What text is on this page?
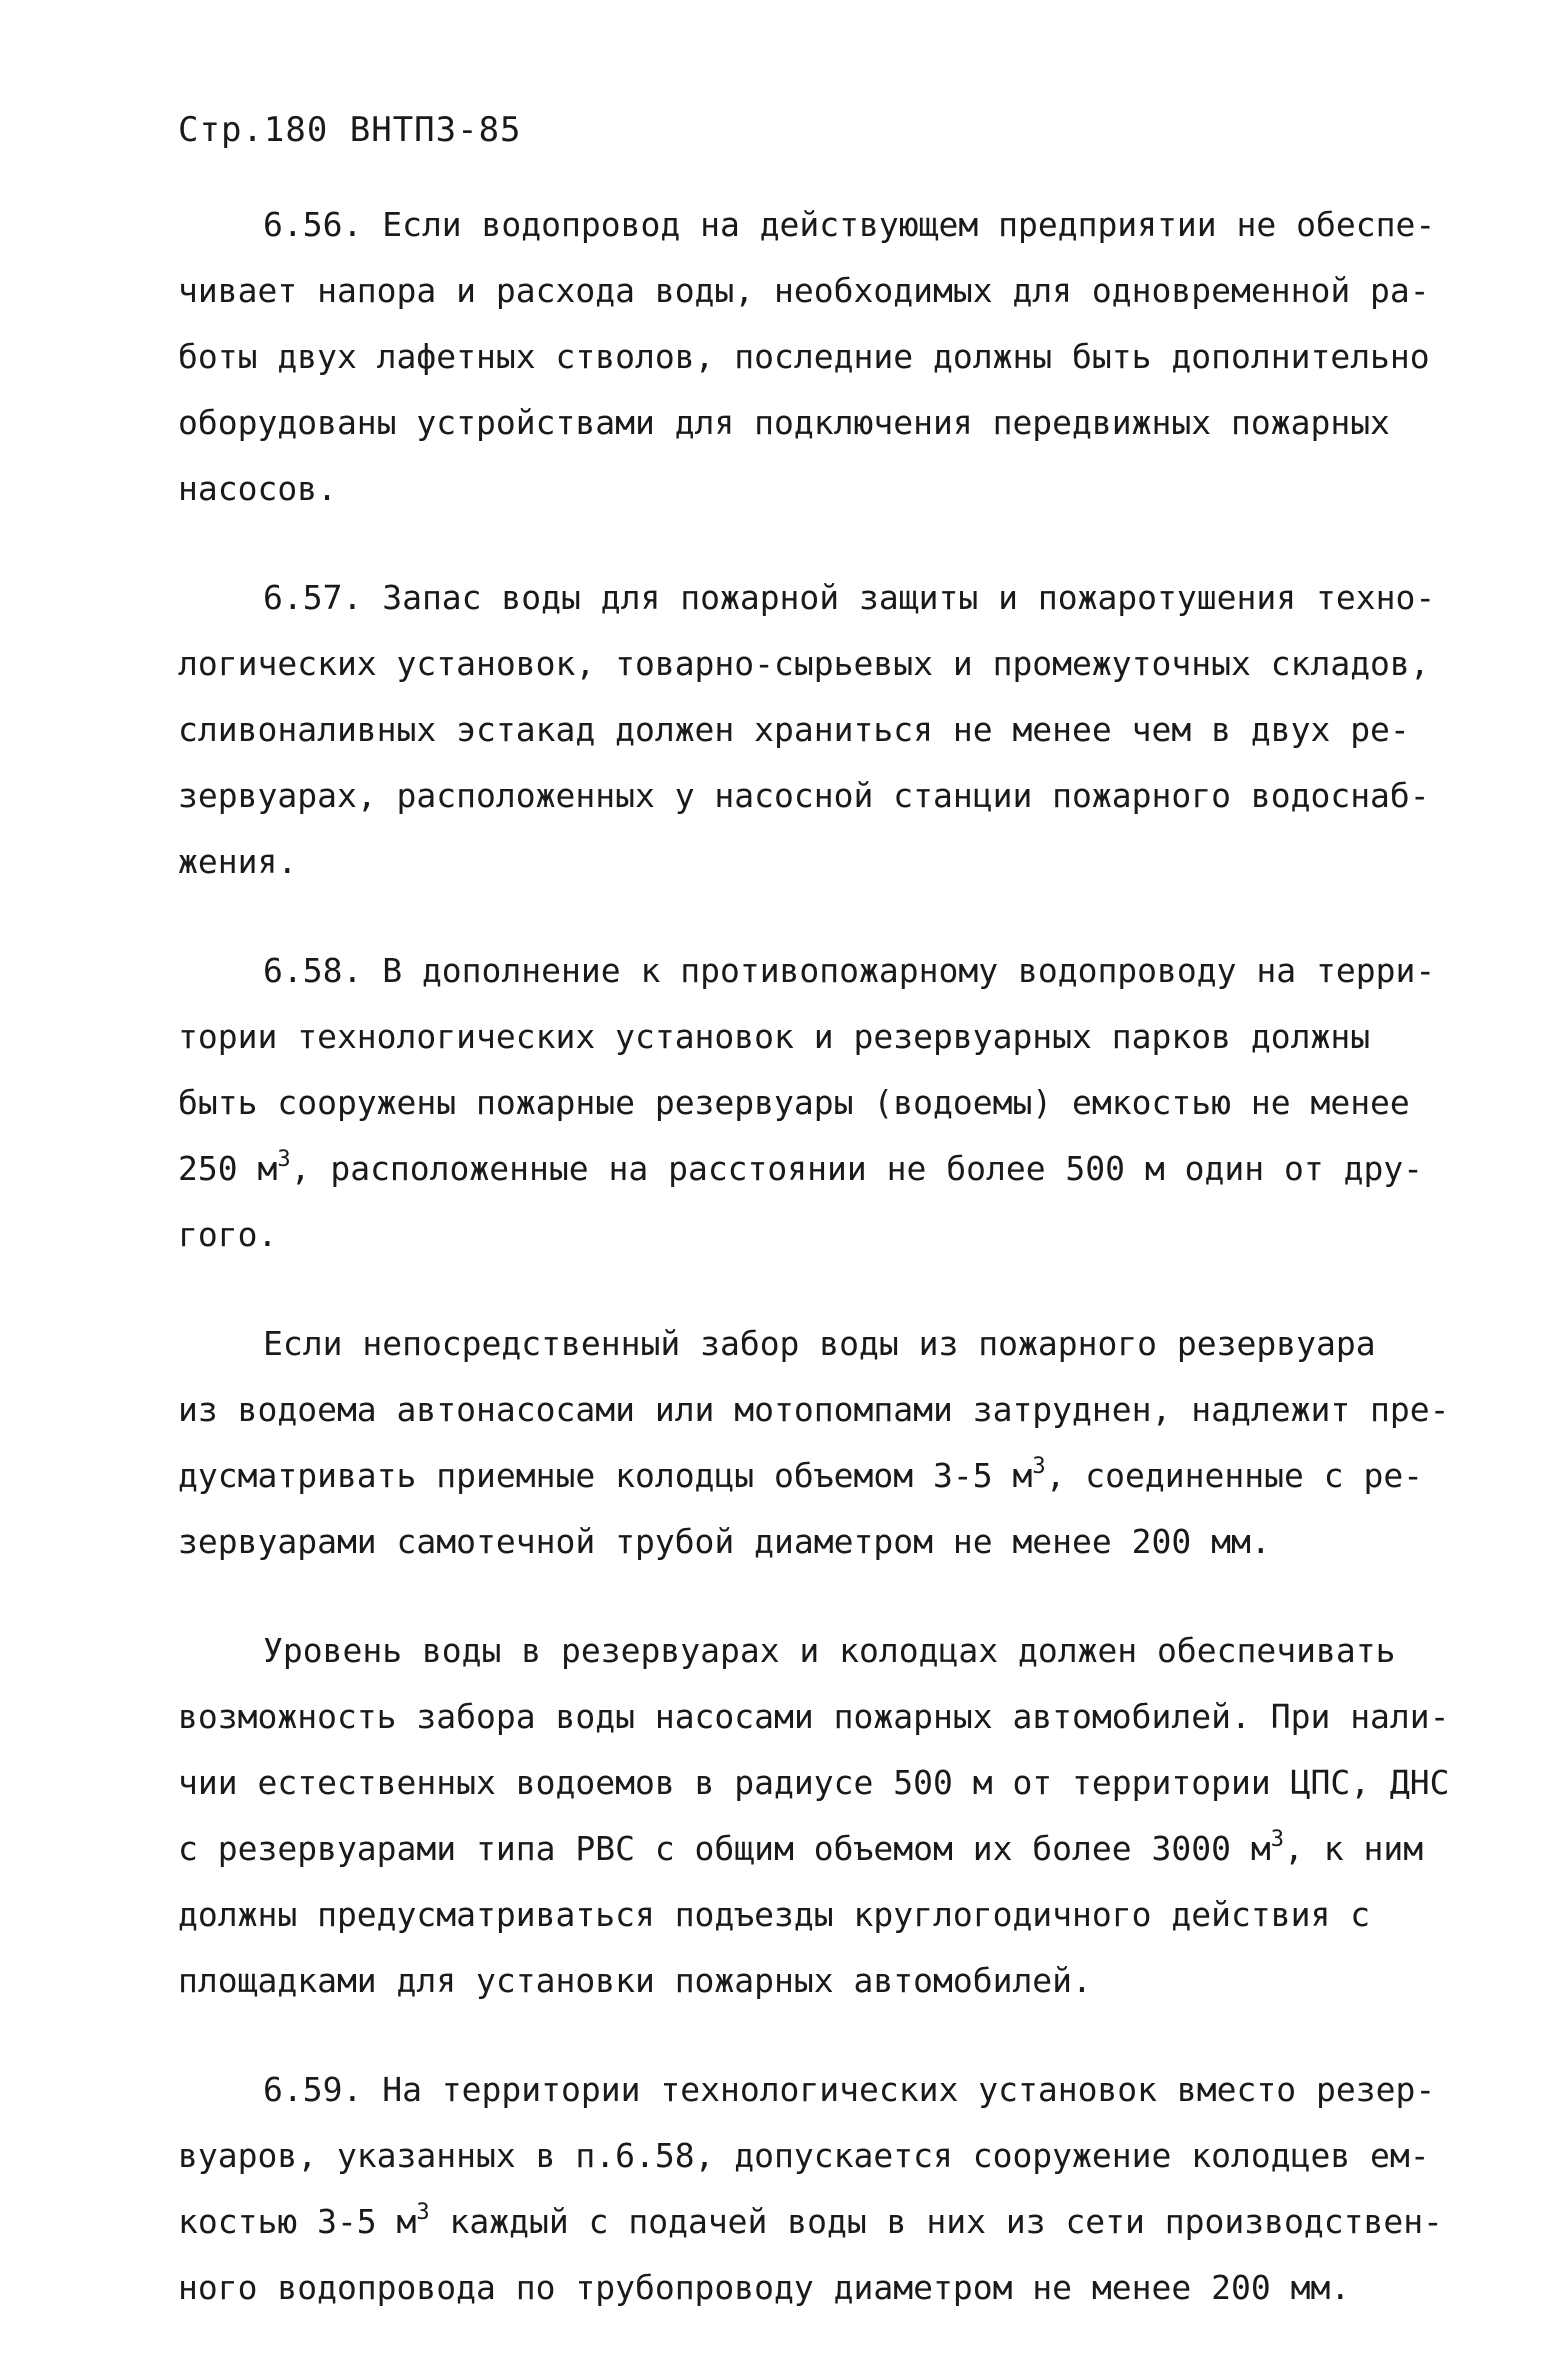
Стр.180 ВНТП3-85
6.56. Если водопровод на действующем предприятии не обеспе-
чивает напора и расхода воды, необходимых для одновременной ра-
боты двух лафетных стволов, последние должны быть дополнительно
оборудованы устройствами для подключения передвижных пожарных
насосов.
6.57. Запас воды для пожарной защиты и пожаротушения техно-
логических установок, товарно-сырьевых и промежуточных складов,
сливоналивных эстакад должен храниться не менее чем в двух ре-
зервуарах, расположенных у насосной станции пожарного водоснаб-
жения.
6.58. В дополнение к противопожарному водопроводу на терри-
тории технологических установок и резервуарных парков должны
быть сооружены пожарные резервуары (водоемы) емкостью не менее
250 $м^3$, расположенные на расстоянии не более 500 м один от дру-
гого.
Если непосредственный забор воды из пожарного резервуара
из водоема автонасосами или мотопомпами затруднен, надлежит пре-
дусматривать приемные колодцы объемом 3-5 $м^3$, соединенные с ре-
зервуарами самотечной трубой диаметром не менее 200 мм.
Уровень воды в резервуарах и колодцах должен обеспечивать
возможность забора воды насосами пожарных автомобилей. При нали-
чии естественных водоемов в радиусе 500 м от территории ЦПС, ДНС
с резервуарами типа РВС с общим объемом их более 3000 $м^3$, к ним
должны предусматриваться подъезды круглогодичного действия с
площадками для установки пожарных автомобилей.
6.59. На территории технологических установок вместо резер-
вуаров, указанных в п.6.58, допускается сооружение колодцев ем-
костью 3-5 $м^3$ каждый с подачей воды в них из сети производствен-
ного водопровода по трубопроводу диаметром не менее 200 мм.
